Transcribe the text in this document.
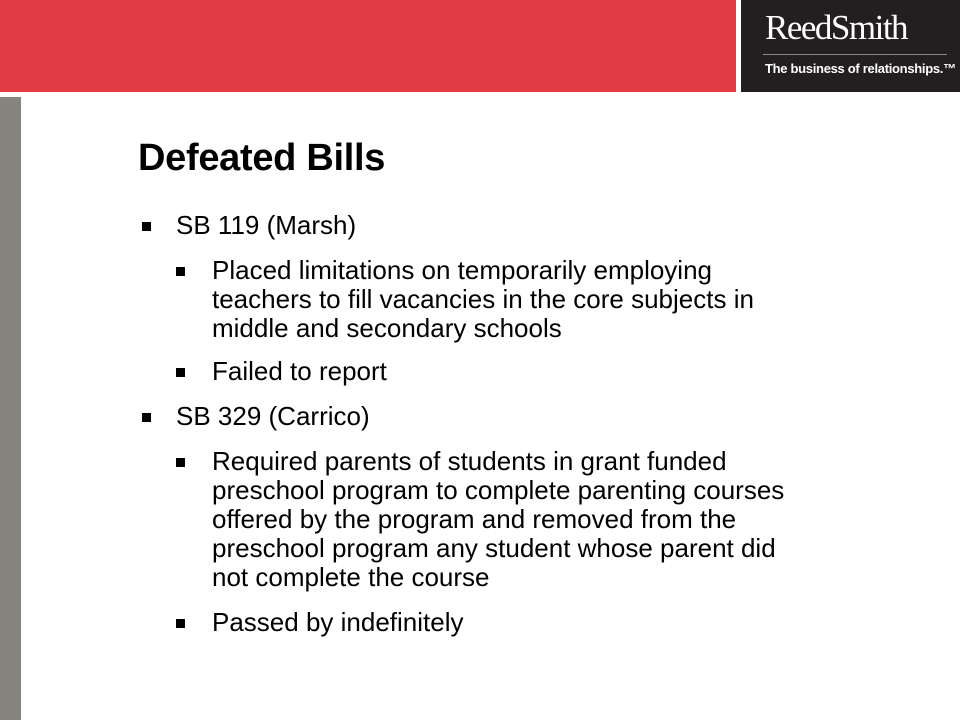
ReedSmith
The business of relationships.™
Defeated Bills
SB 119 (Marsh)
Placed limitations on temporarily employing
teachers to fill vacancies in the core subjects in
middle and secondary schools
Failed to report
SB 329 (Carrico)
Required parents of students in grant funded
preschool program to complete parenting courses
offered by the program and removed from the
preschool program any student whose parent did
not complete the course
Passed by indefinitely
